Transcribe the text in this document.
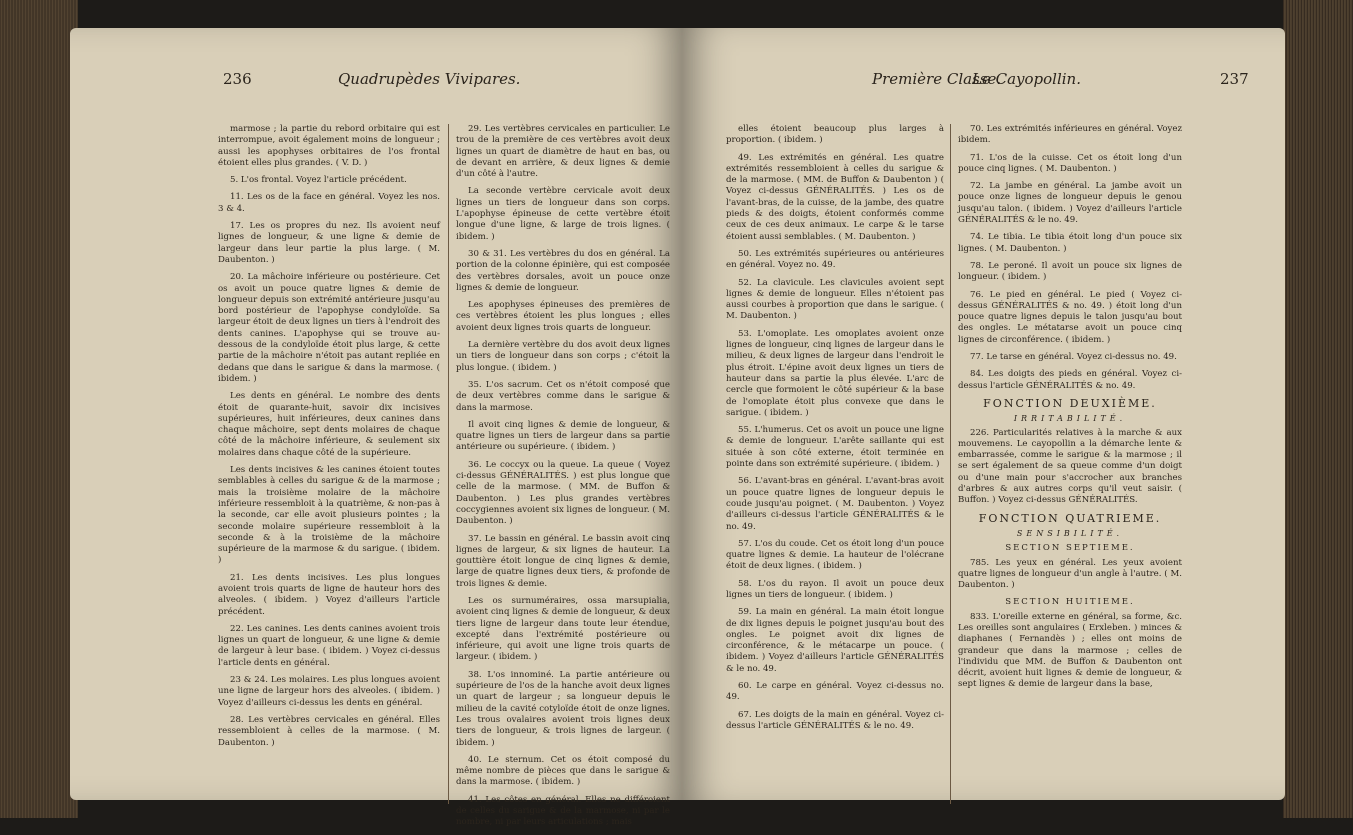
236	Quadrupèdes Vivipares.

marmose ; la partie du rebord orbitaire qui est interrompue, avoit également moins de longueur ; aussi les apophyses orbitaires de l'os frontal étoient elles plus grandes. ( V. D. )

5. L'os frontal. Voyez l'article précédent.

11. Les os de la face en général. Voyez les nos. 3 & 4.

17. Les os propres du nez. Ils avoient neuf lignes de longueur, & une ligne & demie de largeur dans leur partie la plus large. ( M. Daubenton. )

20. La mâchoire inférieure ou postérieure. Cet os avoit un pouce quatre lignes & demie de longueur depuis son extrémité antérieure jusqu'au bord postérieur de l'apophyse condyloïde. Sa largeur étoit de deux lignes un tiers à l'endroit des dents canines. L'apophyse qui se trouve au-dessous de la condyloïde étoit plus large, & cette partie de la mâchoire n'étoit pas autant repliée en dedans que dans le sarigue & dans la marmose. ( ibidem. )

Les dents en général. Le nombre des dents étoit de quarante-huit, savoir dix incisives supérieures, huit inférieures, deux canines dans chaque mâchoire, sept dents molaires de chaque côté de la mâchoire inférieure, & seulement six molaires dans chaque côté de la supérieure.

Les dents incisives & les canines étoient toutes semblables à celles du sarigue & de la marmose ; mais la troisième molaire de la mâchoire inférieure ressembloit à la quatrième, & non-pas à la seconde, car elle avoit plusieurs pointes ; la seconde molaire supérieure ressembloit à la seconde & à la troisième de la mâchoire supérieure de la marmose & du sarigue. ( ibidem. )

21. Les dents incisives. Les plus longues avoient trois quarts de ligne de hauteur hors des alveoles. ( ibidem. ) Voyez d'ailleurs l'article précédent.

22. Les canines. Les dents canines avoient trois lignes un quart de longueur, & une ligne & demie de largeur à leur base. ( ibidem. ) Voyez ci-dessus l'article dents en général.

23 & 24. Les molaires. Les plus longues avoient une ligne de largeur hors des alveoles. ( ibidem. ) Voyez d'ailleurs ci-dessus les dents en général.

28. Les vertèbres cervicales en général. Elles ressembloient à celles de la marmose. ( M. Daubenton. )

29. Les vertèbres cervicales en particulier. Le trou de la première de ces vertèbres avoit deux lignes un quart de diamètre de haut en bas, ou de devant en arrière, & deux lignes & demie d'un côté à l'autre.

La seconde vertèbre cervicale avoit deux lignes un tiers de longueur dans son corps. L'apophyse épineuse de cette vertèbre étoit longue d'une ligne, & large de trois lignes. ( ibidem. )

30 & 31. Les vertèbres du dos en général. La portion de la colonne épinière, qui est composée des vertèbres dorsales, avoit un pouce onze lignes & demie de longueur.

Les apophyses épineuses des premières de ces vertèbres étoient les plus longues ; elles avoient deux lignes trois quarts de longueur.

La dernière vertèbre du dos avoit deux lignes un tiers de longueur dans son corps ; c'étoit la plus longue. ( ibidem. )

35. L'os sacrum. Cet os n'étoit composé que de deux vertèbres comme dans le sarigue & dans la marmose.

Il avoit cinq lignes & demie de longueur, & quatre lignes un tiers de largeur dans sa partie antérieure ou supérieure. ( ibidem. )

36. Le coccyx ou la queue. La queue ( Voyez ci-dessus GÉNÉRALITÉS. ) est plus longue que celle de la marmose. ( MM. de Buffon & Daubenton. ) Les plus grandes vertèbres coccygiennes avoient six lignes de longueur. ( M. Daubenton. )

37. Le bassin en général. Le bassin avoit cinq lignes de largeur, & six lignes de hauteur. La gouttière étoit longue de cinq lignes & demie, large de quatre lignes deux tiers, & profonde de trois lignes & demie.

Les os surnuméraires, ossa marsupialia, avoient cinq lignes & demie de longueur, & deux tiers ligne de largeur dans toute leur étendue, excepté dans l'extrémité postérieure ou inférieure, qui avoit une ligne trois quarts de largeur. ( ibidem. )

38. L'os innominé. La partie antérieure ou supérieure de l'os de la hanche avoit deux lignes un quart de largeur ; sa longueur depuis le milieu de la cavité cotyloïde étoit de onze lignes. Les trous ovalaires avoient trois lignes deux tiers de longueur, & trois lignes de largeur. ( ibidem. )

40. Le sternum. Cet os étoit composé du même nombre de pièces que dans le sarigue & dans la marmose. ( ibidem. )

41. Les côtes en général. Elles ne différoient de celles du sarigue & de la marmose, ni par le nombre, ni par leurs articulations ; mais

Première Classe.
Le Cayopollin.	237

elles étoient beaucoup plus larges à proportion. ( ibidem. )

49. Les extrémités en général. Les quatre extrémités ressembloient à celles du sarigue & de la marmose. ( MM. de Buffon & Daubenton ) ( Voyez ci-dessus GÉNÉRALITÉS. ) Les os de l'avant-bras, de la cuisse, de la jambe, des quatre pieds & des doigts, étoient conformés comme ceux de ces deux animaux. Le carpe & le tarse étoient aussi semblables. ( M. Daubenton. )

50. Les extrémités supérieures ou antérieures en général. Voyez no. 49.

52. La clavicule. Les clavicules avoient sept lignes & demie de longueur. Elles n'étoient pas aussi courbes à proportion que dans le sarigue. ( M. Daubenton. )

53. L'omoplate. Les omoplates avoient onze lignes de longueur, cinq lignes de largeur dans le milieu, & deux lignes de largeur dans l'endroit le plus étroit. L'épine avoit deux lignes un tiers de hauteur dans sa partie la plus élevée. L'arc de cercle que formoient le côté supérieur & la base de l'omoplate étoit plus convexe que dans le sarigue. ( ibidem. )

55. L'humerus. Cet os avoit un pouce une ligne & demie de longueur. L'arête saillante qui est située à son côté externe, étoit terminée en pointe dans son extrémité supérieure. ( ibidem. )

56. L'avant-bras en général. L'avant-bras avoit un pouce quatre lignes de longueur depuis le coude jusqu'au poignet. ( M. Daubenton. ) Voyez d'ailleurs ci-dessus l'article GÉNÉRALITÉS & le no. 49.

57. L'os du coude. Cet os étoit long d'un pouce quatre lignes & demie. La hauteur de l'olécrane étoit de deux lignes. ( ibidem. )

58. L'os du rayon. Il avoit un pouce deux lignes un tiers de longueur. ( ibidem. )

59. La main en général. La main étoit longue de dix lignes depuis le poignet jusqu'au bout des ongles. Le poignet avoit dix lignes de circonférence, & le métacarpe un pouce. ( ibidem. ) Voyez d'ailleurs l'article GÉNÉRALITÉS & le no. 49.

60. Le carpe en général. Voyez ci-dessus no. 49.

67. Les doigts de la main en général. Voyez ci-dessus l'article GÉNÉRALITÉS & le no. 49.

70. Les extrémités inférieures en général. Voyez ibidem.

71. L'os de la cuisse. Cet os étoit long d'un pouce cinq lignes. ( M. Daubenton. )

72. La jambe en général. La jambe avoit un pouce onze lignes de longueur depuis le genou jusqu'au talon. ( ibidem. ) Voyez d'ailleurs l'article GÉNÉRALITÉS & le no. 49.

74. Le tibia. Le tibia étoit long d'un pouce six lignes. ( M. Daubenton. )

78. Le peroné. Il avoit un pouce six lignes de longueur. ( ibidem. )

76. Le pied en général. Le pied ( Voyez ci-dessus GÉNÉRALITÉS & no. 49. ) étoit long d'un pouce quatre lignes depuis le talon jusqu'au bout des ongles. Le métatarse avoit un pouce cinq lignes de circonférence. ( ibidem. )

77. Le tarse en général. Voyez ci-dessus no. 49.

84. Les doigts des pieds en général. Voyez ci-dessus l'article GÉNÉRALITÉS & no. 49.

FONCTION DEUXIÈME.
IRRITABILITÉ.

226. Particularités relatives à la marche & aux mouvemens. Le cayopollin a la démarche lente & embarrassée, comme le sarigue & la marmose ; il se sert également de sa queue comme d'un doigt ou d'une main pour s'accrocher aux branches d'arbres & aux autres corps qu'il veut saisir. ( Buffon. ) Voyez ci-dessus GÉNÉRALITÉS.

FONCTION QUATRIEME.
SENSIBILITÉ.
SECTION SEPTIEME.

785. Les yeux en général. Les yeux avoient quatre lignes de longueur d'un angle à l'autre. ( M. Daubenton. )

SECTION HUITIEME.

833. L'oreille externe en général, sa forme, &c. Les oreilles sont angulaires ( Erxleben. ) minces & diaphanes ( Fernandès ) ; elles ont moins de grandeur que dans la marmose ; celles de l'individu que MM. de Buffon & Daubenton ont décrit, avoient huit lignes & demie de longueur, & sept lignes & demie de largeur dans la base,
